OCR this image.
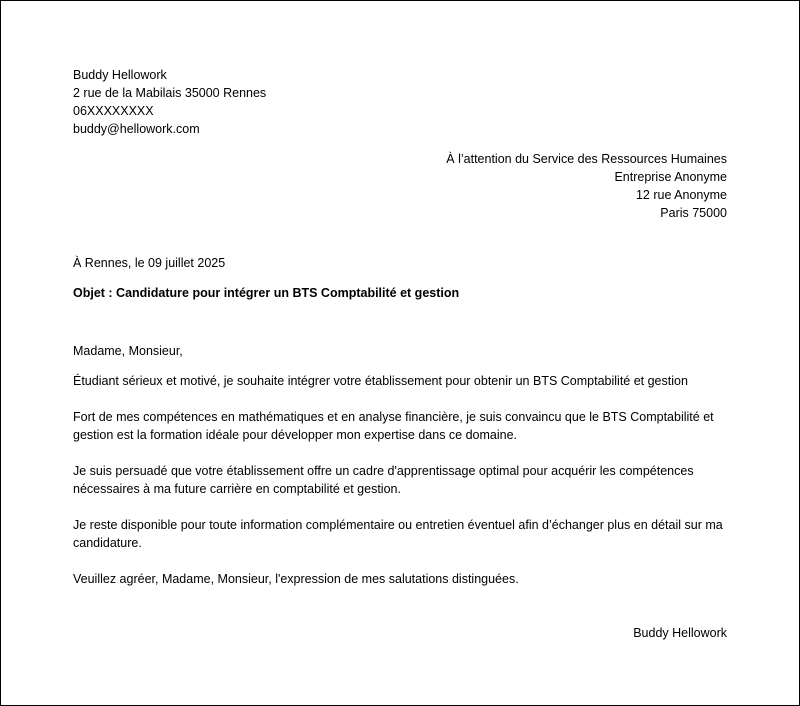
Buddy Hellowork
2 rue de la Mabilais 35000 Rennes
06XXXXXXXX
buddy@hellowork.com
À l’attention du Service des Ressources Humaines
Entreprise Anonyme
12 rue Anonyme
Paris 75000
À Rennes, le 09 juillet 2025
Objet : Candidature pour intégrer un BTS Comptabilité et gestion
Madame, Monsieur,

Étudiant sérieux et motivé, je souhaite intégrer votre établissement pour obtenir un BTS Comptabilité et gestion

Fort de mes compétences en mathématiques et en analyse financière, je suis convaincu que le BTS Comptabilité et gestion est la formation idéale pour développer mon expertise dans ce domaine.

Je suis persuadé que votre établissement offre un cadre d'apprentissage optimal pour acquérir les compétences nécessaires à ma future carrière en comptabilité et gestion.

Je reste disponible pour toute information complémentaire ou entretien éventuel afin d’échanger plus en détail sur ma candidature.

Veuillez agréer, Madame, Monsieur, l'expression de mes salutations distinguées.
Buddy Hellowork
